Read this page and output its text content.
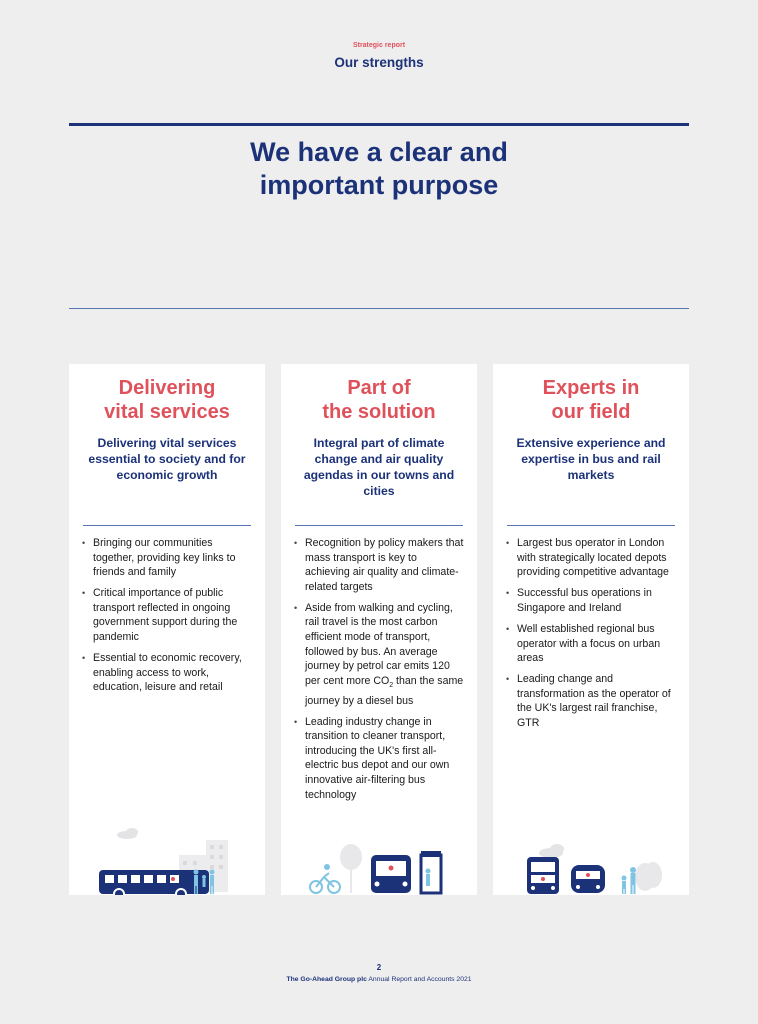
Strategic report
Our strengths
We have a clear and
important purpose
Delivering
vital services
Delivering vital services essential to society and for economic growth
• Bringing our communities together, providing key links to friends and family
• Critical importance of public transport reflected in ongoing government support during the pandemic
• Essential to economic recovery, enabling access to work, education, leisure and retail
Part of
the solution
Integral part of climate change and air quality agendas in our towns and cities
• Recognition by policy makers that mass transport is key to achieving air quality and climate-related targets
• Aside from walking and cycling, rail travel is the most carbon efficient mode of transport, followed by bus. An average journey by petrol car emits 120 per cent more $CO_2$ than the same journey by a diesel bus
• Leading industry change in transition to cleaner transport, introducing the UK's first all-electric bus depot and our own innovative air-filtering bus technology
Experts in
our field
Extensive experience and expertise in bus and rail markets
• Largest bus operator in London with strategically located depots providing competitive advantage
• Successful bus operations in Singapore and Ireland
• Well established regional bus operator with a focus on urban areas
• Leading change and transformation as the operator of the UK's largest rail franchise, GTR
2
The Go-Ahead Group plc Annual Report and Accounts 2021
